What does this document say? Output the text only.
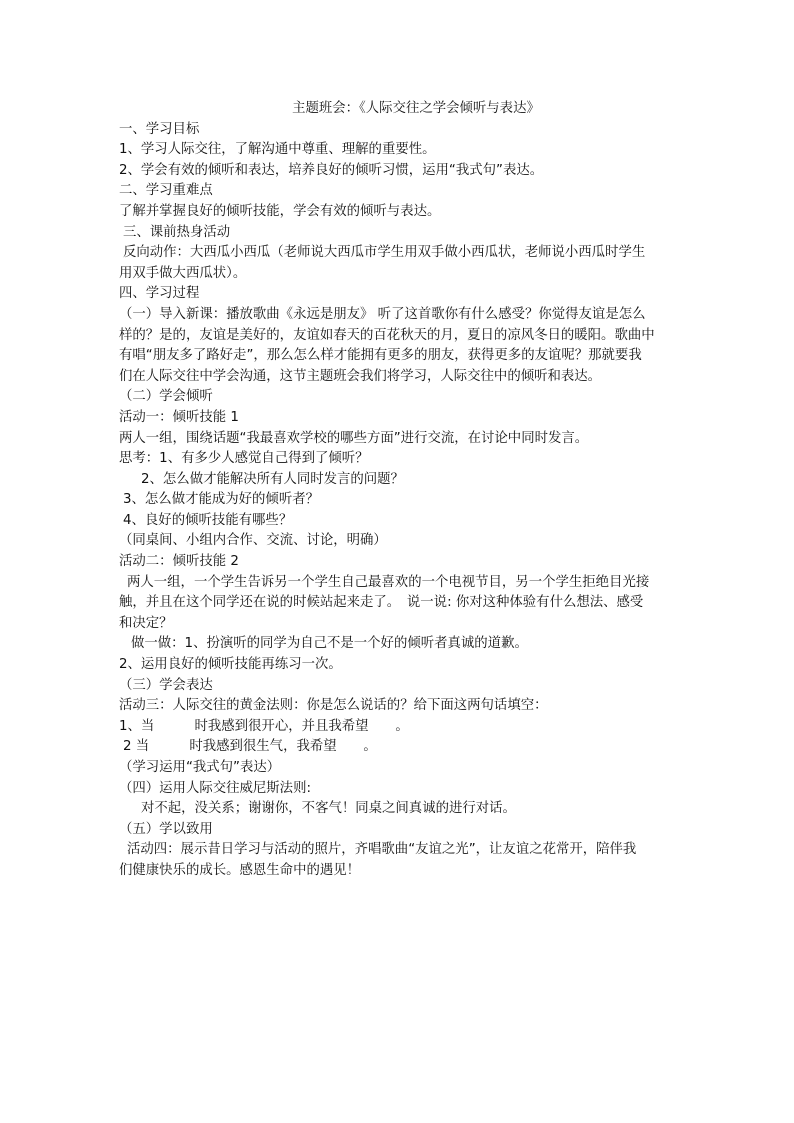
主题班会：《人际交往之学会倾听与表达》
一、学习目标
1、学习人际交往，了解沟通中尊重、理解的重要性。
2、学会有效的倾听和表达，培养良好的倾听习惯，运用“我式句”表达。
二、学习重难点
了解并掌握良好的倾听技能，学会有效的倾听与表达。
三、课前热身活动
反向动作：大西瓜小西瓜（老师说大西瓜市学生用双手做小西瓜状，老师说小西瓜时学生
用双手做大西瓜状）。
四、学习过程
（一）导入新课：播放歌曲《永远是朋友》 听了这首歌你有什么感受？你觉得友谊是怎么
样的？是的，友谊是美好的，友谊如春天的百花秋天的月，夏日的凉风冬日的暖阳。歌曲中
有唱“朋友多了路好走”，那么怎么样才能拥有更多的朋友，获得更多的友谊呢？那就要我
们在人际交往中学会沟通，这节主题班会我们将学习，人际交往中的倾听和表达。
（二）学会倾听
活动一：倾听技能 1
两人一组，围绕话题“我最喜欢学校的哪些方面”进行交流，在讨论中同时发言。
思考：1、有多少人感觉自己得到了倾听？
2、怎么做才能解决所有人同时发言的问题？
3、怎么做才能成为好的倾听者？
4、良好的倾听技能有哪些？
（同桌间、小组内合作、交流、讨论，明确）
活动二：倾听技能 2
两人一组，一个学生告诉另一个学生自己最喜欢的一个电视节目，另一个学生拒绝目光接
触，并且在这个同学还在说的时候站起来走了。　说一说: 你对这种体验有什么想法、感受
和决定？
做一做：1、扮演听的同学为自己不是一个好的倾听者真诚的道歉。
2、运用良好的倾听技能再练习一次。
（三）学会表达
活动三：人际交往的黄金法则：你是怎么说话的？给下面这两句话填空：
1、当　　　时我感到很开心，并且我希望　　。
2 当　　　时我感到很生气，我希望　　。
（学习运用“我式句”表达）
（四）运用人际交往威尼斯法则:
对不起，没关系；谢谢你，不客气！同桌之间真诚的进行对话。
（五）学以致用
活动四：展示昔日学习与活动的照片，齐唱歌曲“友谊之光”，让友谊之花常开，陪伴我
们健康快乐的成长。感恩生命中的遇见！
